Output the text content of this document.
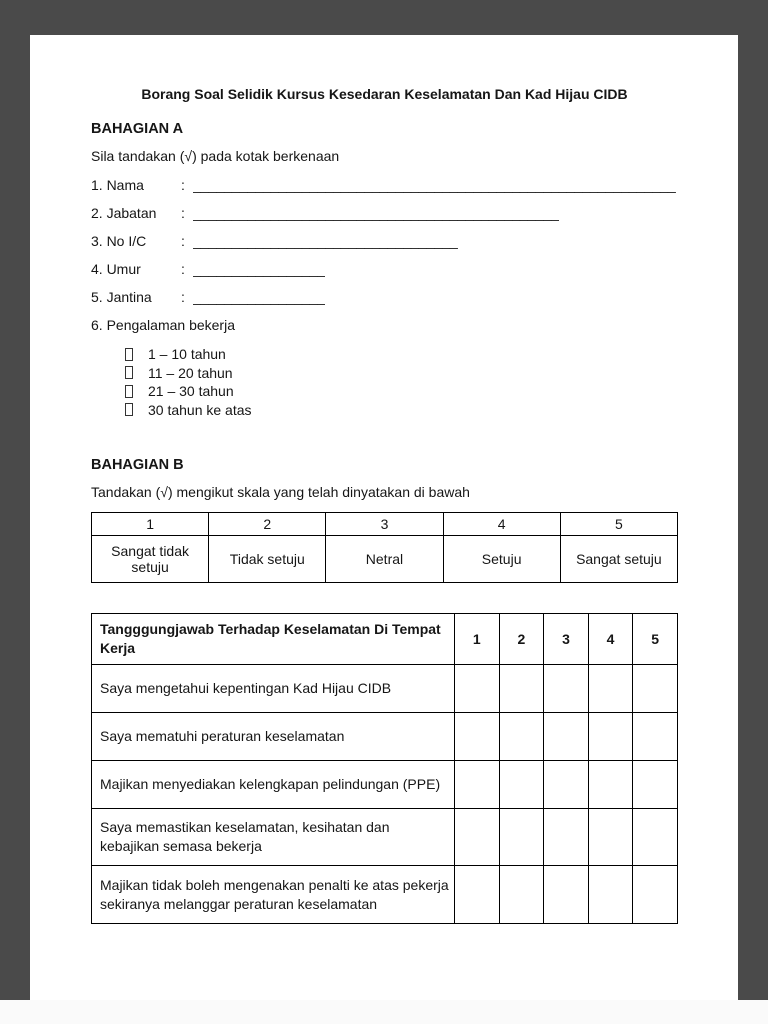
Borang Soal Selidik Kursus Kesedaran Keselamatan Dan Kad Hijau CIDB
BAHAGIAN A
Sila tandakan (√) pada kotak berkenaan
1. Nama	: ______________________________________________________________
2. Jabatan	: _______________________________________________
3. No I/C	: __________________________________
4. Umur	: _________________
5. Jantina	: _________________
6. Pengalaman bekerja
1 – 10 tahun
11 – 20 tahun
21 – 30 tahun
30 tahun ke atas
BAHAGIAN B
Tandakan (√) mengikut skala yang telah dinyatakan di bawah
1	2	3	4	5
Sangat tidak setuju	Tidak setuju	Netral	Setuju	Sangat setuju
Tangggungjawab Terhadap Keselamatan Di Tempat Kerja	1	2	3	4	5
Saya mengetahui kepentingan Kad Hijau CIDB					
Saya mematuhi peraturan keselamatan					
Majikan menyediakan kelengkapan pelindungan (PPE)					
Saya memastikan keselamatan, kesihatan dan kebajikan semasa bekerja					
Majikan tidak boleh mengenakan penalti ke atas pekerja sekiranya melanggar peraturan keselamatan					
